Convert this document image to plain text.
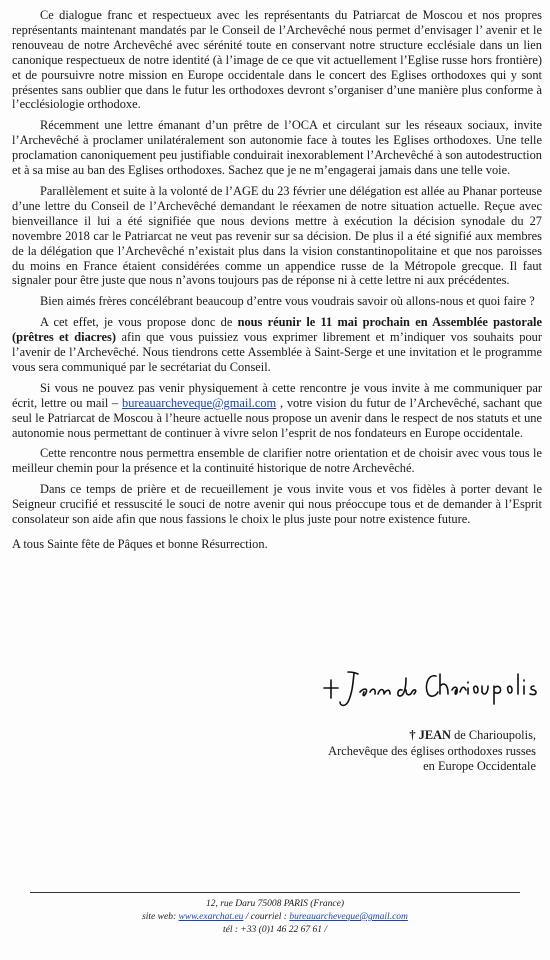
Ce dialogue franc et respectueux avec les représentants du Patriarcat de Moscou et nos propres représentants maintenant mandatés par le Conseil de l’Archevêché nous permet d’envisager l’ avenir et le renouveau de notre Archevêché avec sérénité toute en conservant notre structure ecclésiale dans un lien canonique respectueux de notre identité (à l’image de ce que vit actuellement l’Eglise russe hors frontière) et de poursuivre notre mission en Europe occidentale dans le concert des Eglises orthodoxes qui y sont présentes sans oublier que dans le futur les orthodoxes devront s’organiser d’une manière plus conforme à l’ecclésiologie orthodoxe.

Récemment une lettre émanant d’un prêtre de l’OCA et circulant sur les réseaux sociaux, invite l’Archevêché à proclamer unilatéralement son autonomie face à toutes les Eglises orthodoxes. Une telle proclamation canoniquement peu justifiable conduirait inexorablement l’Archevêché à son autodestruction et à sa mise au ban des Eglises orthodoxes. Sachez que je ne m’engagerai jamais dans une telle voie.

Parallèlement et suite à la volonté de l’AGE du 23 février une délégation est allée au Phanar porteuse d’une lettre du Conseil de l’Archevêché demandant le réexamen de notre situation actuelle. Reçue avec bienveillance il lui a été signifiée que nous devions mettre à exécution la décision synodale du 27 novembre 2018 car le Patriarcat ne veut pas revenir sur sa décision. De plus il a été signifié aux membres de la délégation que l’Archevêché n’existait plus dans la vision constantinopolitaine et que nos paroisses du moins en France étaient considérées comme un appendice russe de la Métropole grecque. Il faut signaler pour être juste que nous n’avons toujours pas de réponse ni à cette lettre ni aux précédentes.

Bien aimés frères concélébrant beaucoup d’entre vous voudrais savoir où allons-nous et quoi faire ?

A cet effet, je vous propose donc de nous réunir le 11 mai prochain en Assemblée pastorale (prêtres et diacres) afin que vous puissiez vous exprimer librement et m’indiquer vos souhaits pour l’avenir de l’Archevêché. Nous tiendrons cette Assemblée à Saint-Serge et une invitation et le programme vous sera communiqué par le secrétariat du Conseil.

Si vous ne pouvez pas venir physiquement à cette rencontre je vous invite à me communiquer par écrit, lettre ou mail – bureauarcheveque@gmail.com , votre vision du futur de l’Archevêché, sachant que seul le Patriarcat de Moscou à l’heure actuelle nous propose un avenir dans le respect de nos statuts et une autonomie nous permettant de continuer à vivre selon l’esprit de nos fondateurs en Europe occidentale.

Cette rencontre nous permettra ensemble de clarifier notre orientation et de choisir avec vous tous le meilleur chemin pour la présence et la continuité historique de notre Archevêché.

Dans ce temps de prière et de recueillement je vous invite vous et vos fidèles à porter devant le Seigneur crucifié et ressuscité le souci de notre avenir qui nous préoccupe tous et de demander à l’Esprit consolateur son aide afin que nous fassions le choix le plus juste pour notre existence future.

A tous Sainte fête de Pâques et bonne Résurrection.

† JEAN de Charioupolis,
Archevêque des églises orthodoxes russes
en Europe Occidentale
12, rue Daru 75008 PARIS (France)
site web: www.exarchat.eu / courriel : bureauarcheveque@gmail.com
tél : +33 (0)1 46 22 67 61 /
